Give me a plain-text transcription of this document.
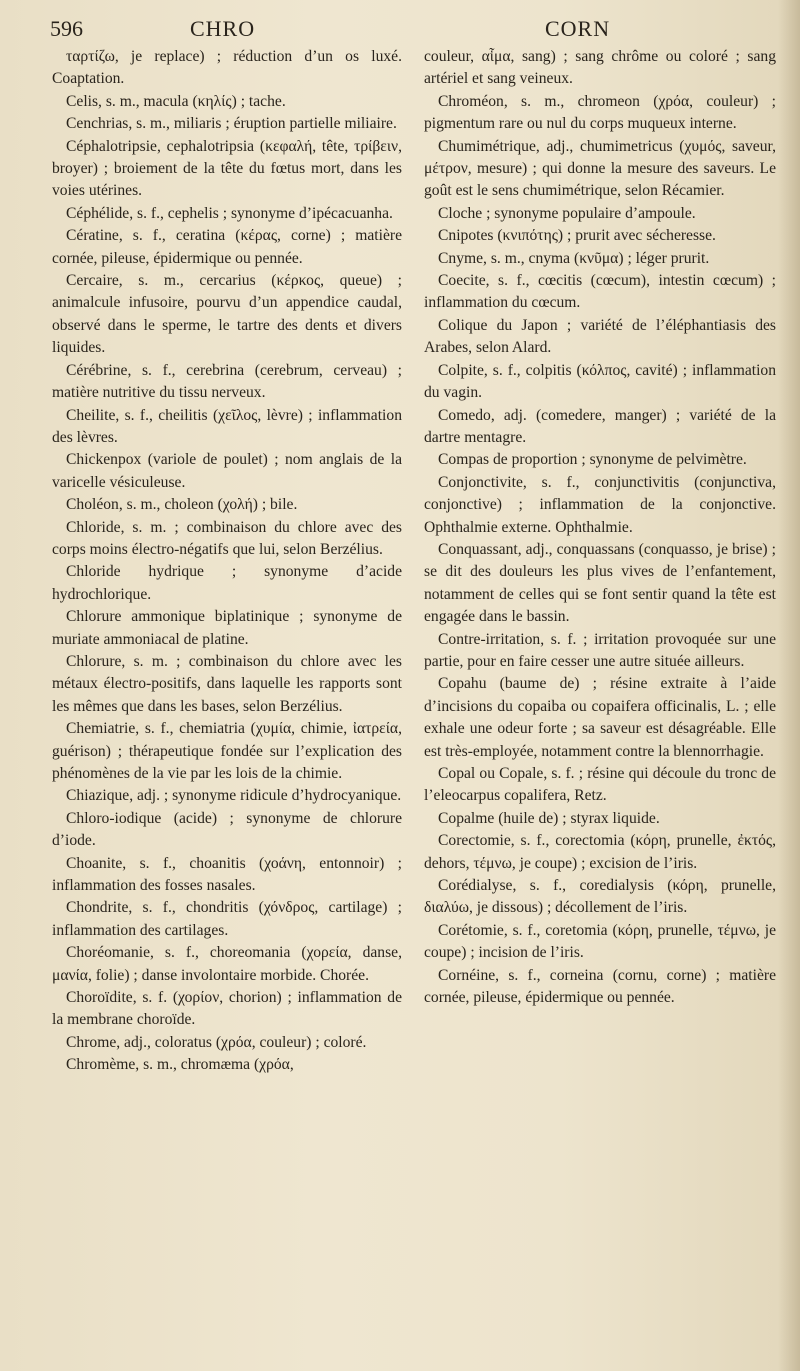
596	CHRO	CORN

ταρτίζω, je replace) ; réduction d’un os luxé. Coaptation.

Celis, s. m., macula (κηλίς) ; tache.

Cenchrias, s. m., miliaris ; éruption partielle miliaire.

Céphalotripsie, cephalotripsia (κεφαλή, tête, τρίβειν, broyer) ; broiement de la tête du fœtus mort, dans les voies utérines.

Céphélide, s. f., cephelis ; synonyme d’ipécacuanha.

Cératine, s. f., ceratina (κέρας, corne) ; matière cornée, pileuse, épidermique ou pennée.

Cercaire, s. m., cercarius (κέρκος, queue) ; animalcule infusoire, pourvu d’un appendice caudal, observé dans le sperme, le tartre des dents et divers liquides.

Cérébrine, s. f., cerebrina (cerebrum, cerveau) ; matière nutritive du tissu nerveux.

Cheilite, s. f., cheilitis (χεῖλος, lèvre) ; inflammation des lèvres.

Chickenpox (variole de poulet) ; nom anglais de la varicelle vésiculeuse.

Choléon, s. m., choleon (χολή) ; bile.

Chloride, s. m. ; combinaison du chlore avec des corps moins électro-négatifs que lui, selon Berzélius.

Chloride hydrique ; synonyme d’acide hydrochlorique.

Chlorure ammonique biplatinique ; synonyme de muriate ammoniacal de platine.

Chlorure, s. m. ; combinaison du chlore avec les métaux électro-positifs, dans laquelle les rapports sont les mêmes que dans les bases, selon Berzélius.

Chemiatrie, s. f., chemiatria (χυμία, chimie, ἰατρεία, guérison) ; thérapeutique fondée sur l’explication des phénomènes de la vie par les lois de la chimie.

Chiazique, adj. ; synonyme ridicule d’hydrocyanique.

Chloro-iodique (acide) ; synonyme de chlorure d’iode.

Choanite, s. f., choanitis (χοάνη, entonnoir) ; inflammation des fosses nasales.

Chondrite, s. f., chondritis (χόνδρος, cartilage) ; inflammation des cartilages.

Choréomanie, s. f., choreomania (χορεία, danse, μανία, folie) ; danse involontaire morbide. Chorée.

Choroïdite, s. f. (χορίον, chorion) ; inflammation de la membrane choroïde.

Chrome, adj., coloratus (χρόα, couleur) ; coloré.

Chromème, s. m., chromæma (χρόα,

couleur, αἷμα, sang) ; sang chrôme ou coloré ; sang artériel et sang veineux.

Chroméon, s. m., chromeon (χρόα, couleur) ; pigmentum rare ou nul du corps muqueux interne.

Chumimétrique, adj., chumimetricus (χυμός, saveur, μέτρον, mesure) ; qui donne la mesure des saveurs. Le goût est le sens chumimétrique, selon Récamier.

Cloche ; synonyme populaire d’ampoule.

Cnipotes (κνιπότης) ; prurit avec sécheresse.

Cnyme, s. m., cnyma (κνῦμα) ; léger prurit.

Coecite, s. f., cœcitis (cœcum), intestin cœcum) ; inflammation du cœcum.

Colique du Japon ; variété de l’éléphantiasis des Arabes, selon Alard.

Colpite, s. f., colpitis (κόλπος, cavité) ; inflammation du vagin.

Comedo, adj. (comedere, manger) ; variété de la dartre mentagre.

Compas de proportion ; synonyme de pelvimètre.

Conjonctivite, s. f., conjunctivitis (conjunctiva, conjonctive) ; inflammation de la conjonctive. Ophthalmie externe. Ophthalmie.

Conquassant, adj., conquassans (conquasso, je brise) ; se dit des douleurs les plus vives de l’enfantement, notamment de celles qui se font sentir quand la tête est engagée dans le bassin.

Contre-irritation, s. f. ; irritation provoquée sur une partie, pour en faire cesser une autre située ailleurs.

Copahu (baume de) ; résine extraite à l’aide d’incisions du copaiba ou copaifera officinalis, L. ; elle exhale une odeur forte ; sa saveur est désagréable. Elle est très-employée, notamment contre la blennorrhagie.

Copal ou Copale, s. f. ; résine qui découle du tronc de l’eleocarpus copalifera, Retz.

Copalme (huile de) ; styrax liquide.

Corectomie, s. f., corectomia (κόρη, prunelle, ἐκτός, dehors, τέμνω, je coupe) ; excision de l’iris.

Corédialyse, s. f., coredialysis (κόρη, prunelle, διαλύω, je dissous) ; décollement de l’iris.

Corétomie, s. f., coretomia (κόρη, prunelle, τέμνω, je coupe) ; incision de l’iris.

Cornéine, s. f., corneina (cornu, corne) ; matière cornée, pileuse, épidermique ou pennée.
